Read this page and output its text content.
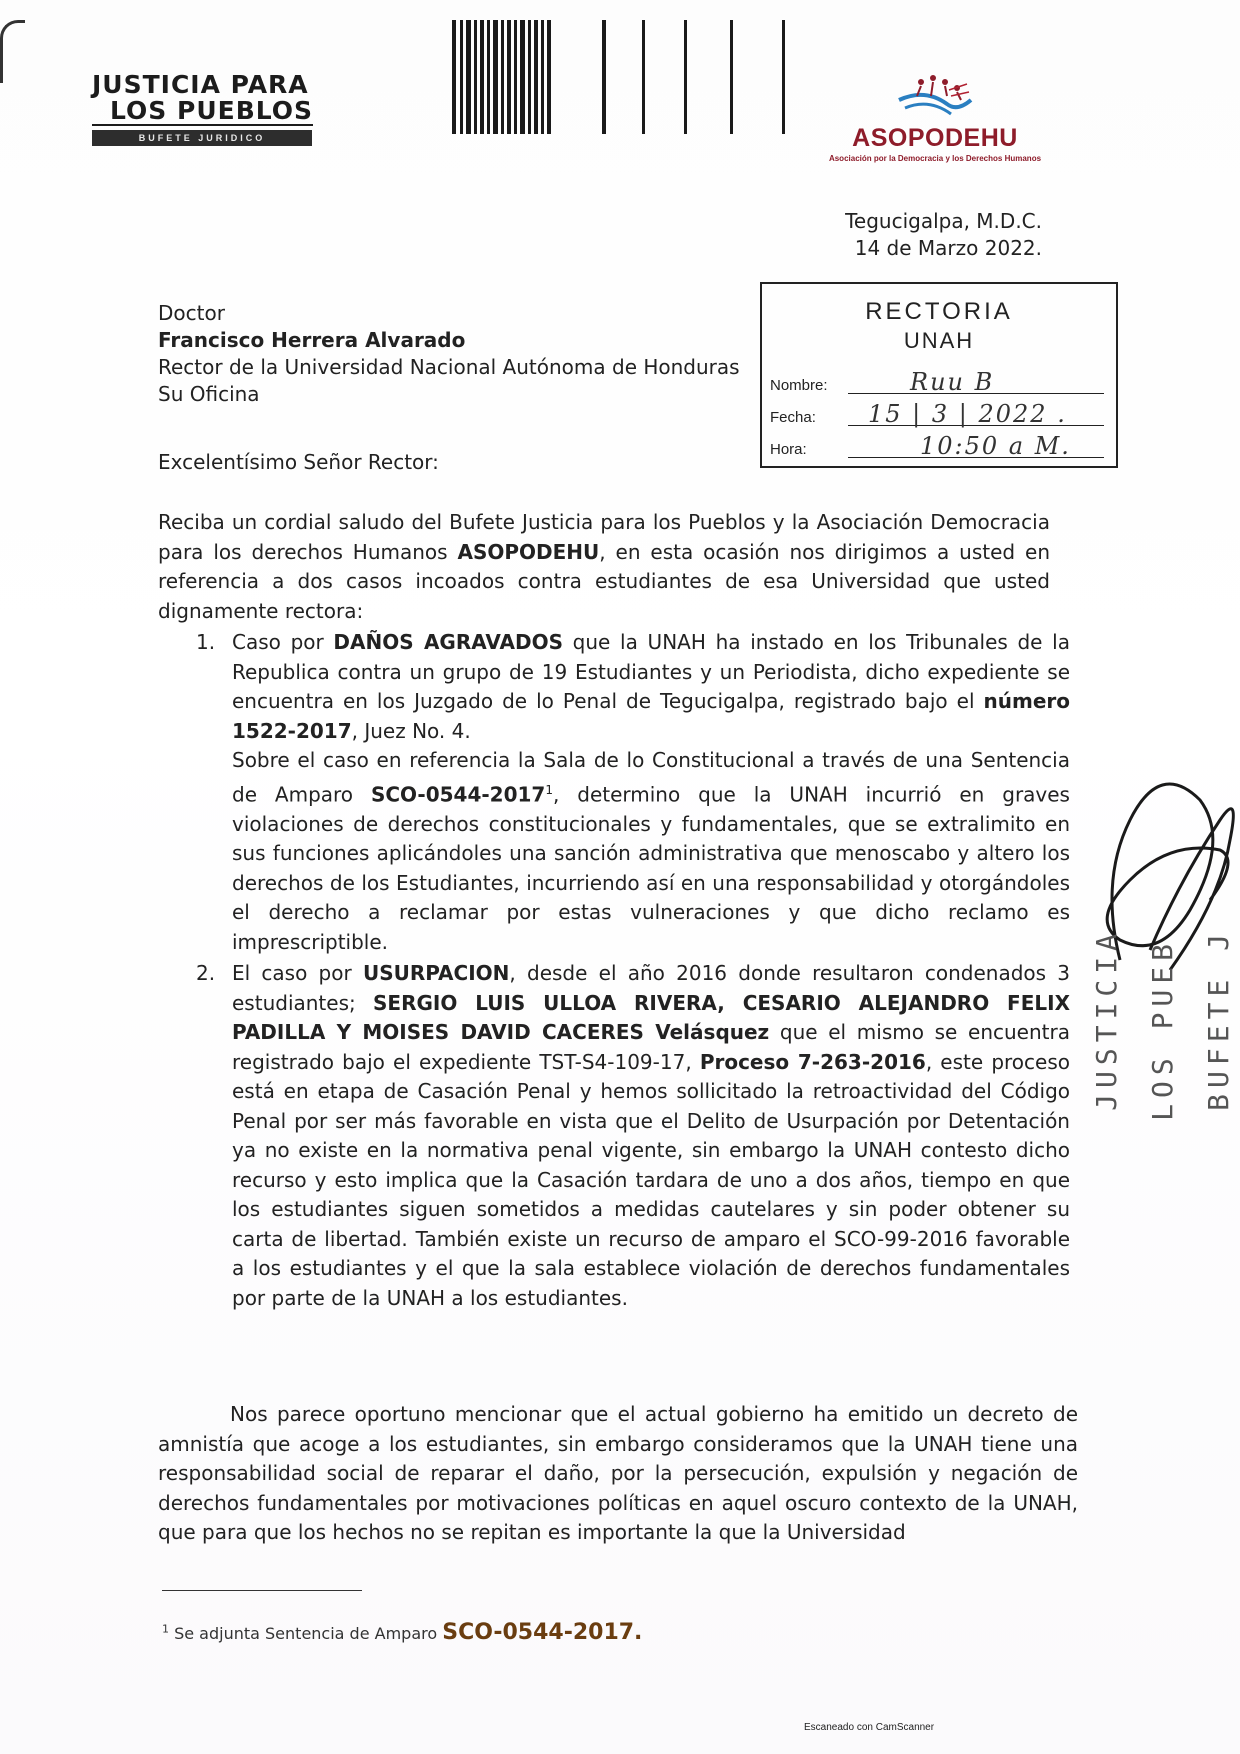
JUSTICIA PARA
LOS PUEBLOS
BUFETE JURIDICO	ASOPODEHU
Asociación por la Democracia y los Derechos Humanos
Tegucigalpa, M.D.C.
14 de Marzo 2022.
Doctor
Francisco Herrera Alvarado
Rector de la Universidad Nacional Autónoma de Honduras
Su Oficina
RECTORIA
UNAH
Nombre:	Ruu B
Fecha: 15 | 3 | 2022 .
Hora:	10:50 a M.
Excelentísimo Señor Rector:
Reciba un cordial saludo del Bufete Justicia para los Pueblos y la Asociación Democracia para los derechos Humanos ASOPODEHU, en esta ocasión nos dirigimos a usted en referencia a dos casos incoados contra estudiantes de esa Universidad que usted dignamente rectora:
1. Caso por DAÑOS AGRAVADOS que la UNAH ha instado en los Tribunales de la Republica contra un grupo de 19 Estudiantes y un Periodista, dicho expediente se encuentra en los Juzgado de lo Penal de Tegucigalpa, registrado bajo el número 1522-2017, Juez No. 4.
Sobre el caso en referencia la Sala de lo Constitucional a través de una Sentencia de Amparo SCO-0544-2017$^1$, determino que la UNAH incurrió en graves violaciones de derechos constitucionales y fundamentales, que se extralimito en sus funciones aplicándoles una sanción administrativa que menoscabo y altero los derechos de los Estudiantes, incurriendo así en una responsabilidad y otorgándoles el derecho a reclamar por estas vulneraciones y que dicho reclamo es imprescriptible.
2. El caso por USURPACION, desde el año 2016 donde resultaron condenados 3 estudiantes; SERGIO LUIS ULLOA RIVERA, CESARIO ALEJANDRO FELIX PADILLA Y MOISES DAVID CACERES Velásquez que el mismo se encuentra registrado bajo el expediente TST-S4-109-17, Proceso 7-263-2016, este proceso está en etapa de Casación Penal y hemos sollicitado la retroactividad del Código Penal por ser más favorable en vista que el Delito de Usurpación por Detentación ya no existe en la normativa penal vigente, sin embargo la UNAH contesto dicho recurso y esto implica que la Casación tardara de uno a dos años, tiempo en que los estudiantes siguen sometidos a medidas cautelares y sin poder obtener su carta de libertad. También existe un recurso de amparo el SCO-99-2016 favorable a los estudiantes y el que la sala establece violación de derechos fundamentales por parte de la UNAH a los estudiantes.
Nos parece oportuno mencionar que el actual gobierno ha emitido un decreto de amnistía que acoge a los estudiantes, sin embargo consideramos que la UNAH tiene una responsabilidad social de reparar el daño, por la persecución, expulsión y negación de derechos fundamentales por motivaciones políticas en aquel oscuro contexto de la UNAH, que para que los hechos no se repitan es importante la que la Universidad
$^1$ Se adjunta Sentencia de Amparo SCO-0544-2017.
JUSTICIA LOS PUEB BUFETE J
Escaneado con CamScanner
